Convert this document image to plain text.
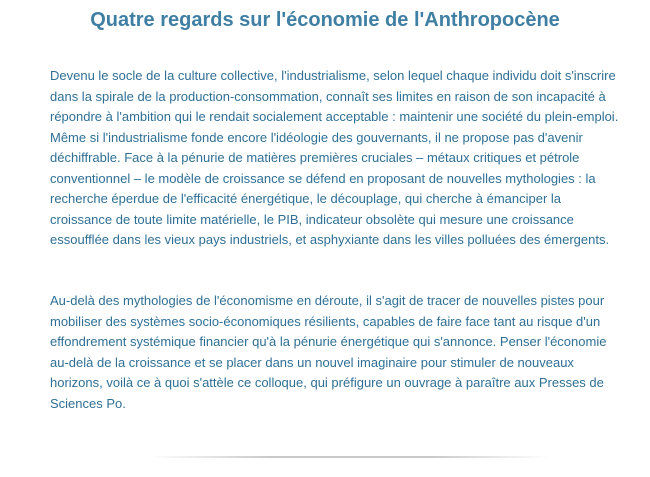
Quatre regards sur l'économie de l'Anthropocène

Devenu le socle de la culture collective, l'industrialisme, selon lequel chaque individu doit s'inscrire dans la spirale de la production-consommation, connaît ses limites en raison de son incapacité à répondre à l'ambition qui le rendait socialement acceptable : maintenir une société du plein-emploi. Même si l'industrialisme fonde encore l'idéologie des gouvernants, il ne propose pas d'avenir déchiffrable. Face à la pénurie de matières premières cruciales – métaux critiques et pétrole conventionnel – le modèle de croissance se défend en proposant de nouvelles mythologies : la recherche éperdue de l'efficacité énergétique, le découplage, qui cherche à émanciper la croissance de toute limite matérielle, le PIB, indicateur obsolète qui mesure une croissance essoufflée dans les vieux pays industriels, et asphyxiante dans les villes polluées des émergents.

Au-delà des mythologies de l'économisme en déroute, il s'agit de tracer de nouvelles pistes pour mobiliser des systèmes socio-économiques résilients, capables de faire face tant au risque d'un effondrement systémique financier qu'à la pénurie énergétique qui s'annonce. Penser l'économie au-delà de la croissance et se placer dans un nouvel imaginaire pour stimuler de nouveaux horizons, voilà ce à quoi s'attèle ce colloque, qui préfigure un ouvrage à paraître aux Presses de Sciences Po.
